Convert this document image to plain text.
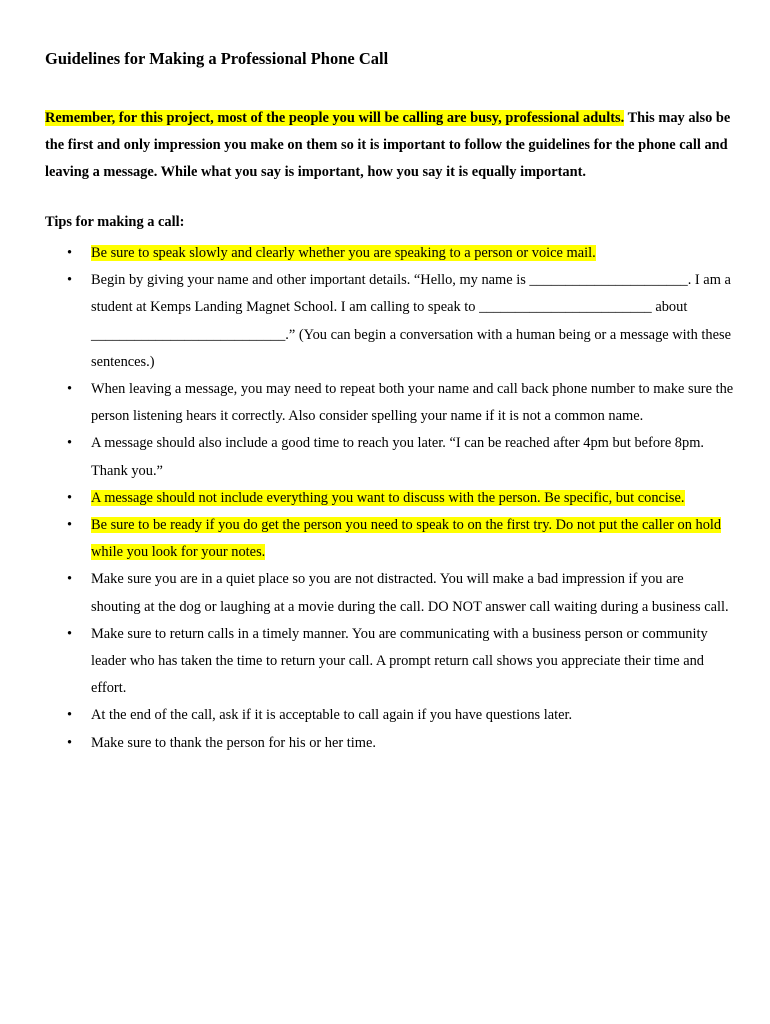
Guidelines for Making a Professional Phone Call

Remember, for this project, most of the people you will be calling are busy, professional adults. This may also be the first and only impression you make on them so it is important to follow the guidelines for the phone call and leaving a message. While what you say is important, how you say it is equally important.

Tips for making a call:

• Be sure to speak slowly and clearly whether you are speaking to a person or voice mail.
• Begin by giving your name and other important details. “Hello, my name is ______________________. I am a student at Kemps Landing Magnet School. I am calling to speak to ________________________ about ___________________________.” (You can begin a conversation with a human being or a message with these sentences.)
• When leaving a message, you may need to repeat both your name and call back phone number to make sure the person listening hears it correctly. Also consider spelling your name if it is not a common name.
• A message should also include a good time to reach you later. “I can be reached after 4pm but before 8pm. Thank you.”
• A message should not include everything you want to discuss with the person. Be specific, but concise.
• Be sure to be ready if you do get the person you need to speak to on the first try. Do not put the caller on hold while you look for your notes.
• Make sure you are in a quiet place so you are not distracted. You will make a bad impression if you are shouting at the dog or laughing at a movie during the call. DO NOT answer call waiting during a business call.
• Make sure to return calls in a timely manner. You are communicating with a business person or community leader who has taken the time to return your call. A prompt return call shows you appreciate their time and effort.
• At the end of the call, ask if it is acceptable to call again if you have questions later.
• Make sure to thank the person for his or her time.
